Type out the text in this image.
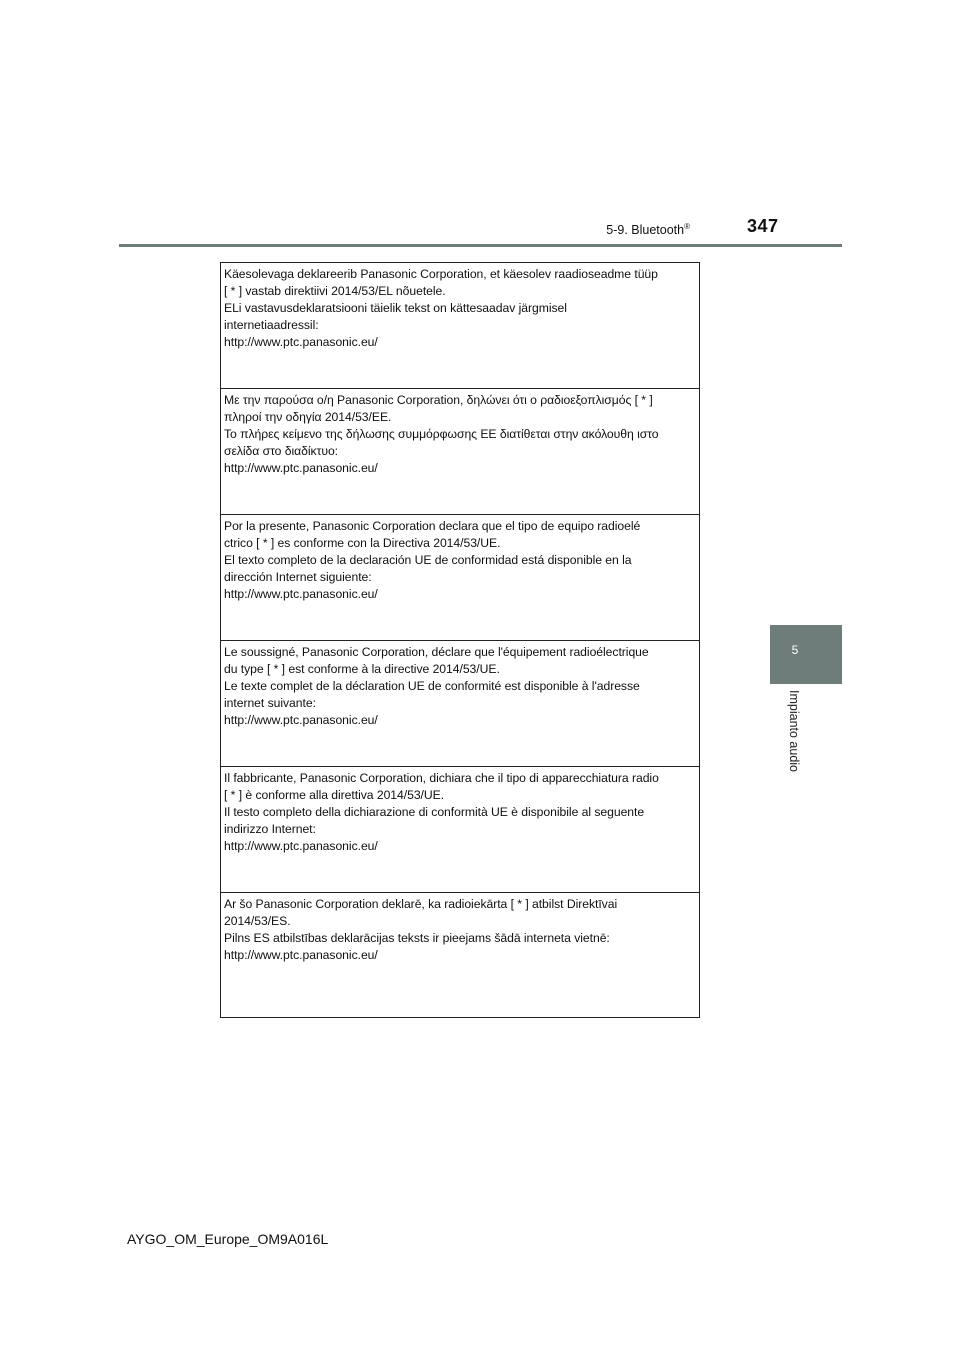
347
5-9. Bluetooth®
5
Impianto audio
Käesolevaga deklareerib Panasonic Corporation, et käesolev raadioseadme tüüp
[ * ] vastab direktiivi 2014/53/EL nõuetele.
ELi vastavusdeklaratsiooni täielik tekst on kättesaadav järgmisel
internetiaadressil:
http://www.ptc.panasonic.eu/
Με την παρούσα ο/η Panasonic Corporation, δηλώνει ότι ο ραδιοεξοπλισμός [ * ]
πληροί την οδηγία 2014/53/ΕΕ.
Το πλήρες κείμενο της δήλωσης συμμόρφωσης ΕΕ διατίθεται στην ακόλουθη ιστο
σελίδα στο διαδίκτυο:
http://www.ptc.panasonic.eu/
Por la presente, Panasonic Corporation declara que el tipo de equipo radioelé
ctrico [ * ] es conforme con la Directiva 2014/53/UE.
El texto completo de la declaración UE de conformidad está disponible en la
dirección Internet siguiente:
http://www.ptc.panasonic.eu/
Le soussigné, Panasonic Corporation, déclare que l'équipement radioélectrique
du type [ * ] est conforme à la directive 2014/53/UE.
Le texte complet de la déclaration UE de conformité est disponible à l'adresse
internet suivante:
http://www.ptc.panasonic.eu/
Il fabbricante, Panasonic Corporation, dichiara che il tipo di apparecchiatura radio
[ * ] è conforme alla direttiva 2014/53/UE.
Il testo completo della dichiarazione di conformità UE è disponibile al seguente
indirizzo Internet:
http://www.ptc.panasonic.eu/
Ar šo Panasonic Corporation deklarē, ka radioiekārta [ * ] atbilst Direktīvai
2014/53/ES.
Pilns ES atbilstības deklarācijas teksts ir pieejams šādā interneta vietnē:
http://www.ptc.panasonic.eu/
AYGO_OM_Europe_OM9A016L
